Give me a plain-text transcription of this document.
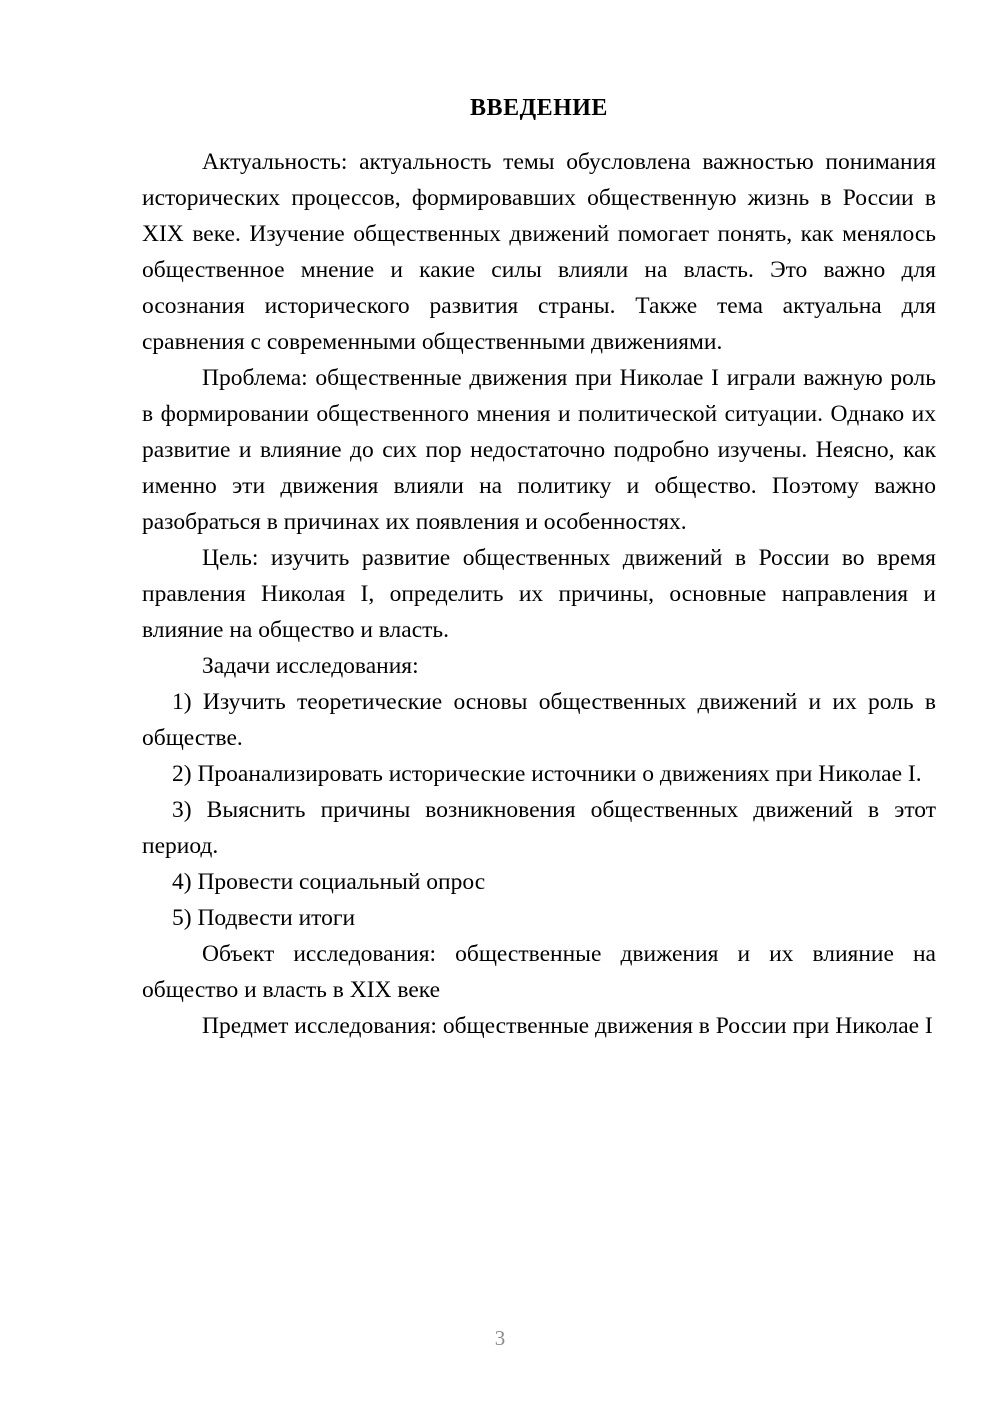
ВВЕДЕНИЕ

Актуальность: актуальность темы обусловлена важностью понимания исторических процессов, формировавших общественную жизнь в России в XIX веке. Изучение общественных движений помогает понять, как менялось общественное мнение и какие силы влияли на власть. Это важно для осознания исторического развития страны. Также тема актуальна для сравнения с современными общественными движениями.

Проблема: общественные движения при Николае I играли важную роль в формировании общественного мнения и политической ситуации. Однако их развитие и влияние до сих пор недостаточно подробно изучены. Неясно, как именно эти движения влияли на политику и общество. Поэтому важно разобраться в причинах их появления и особенностях.

Цель: изучить развитие общественных движений в России во время правления Николая I, определить их причины, основные направления и влияние на общество и власть.

Задачи исследования:

1) Изучить теоретические основы общественных движений и их роль в обществе.

2) Проанализировать исторические источники о движениях при Николае I.

3) Выяснить причины возникновения общественных движений в этот период.

4) Провести социальный опрос

5) Подвести итоги

Объект исследования: общественные движения и их влияние на общество и власть в XIX веке

Предмет исследования: общественные движения в России при Николае I

3
